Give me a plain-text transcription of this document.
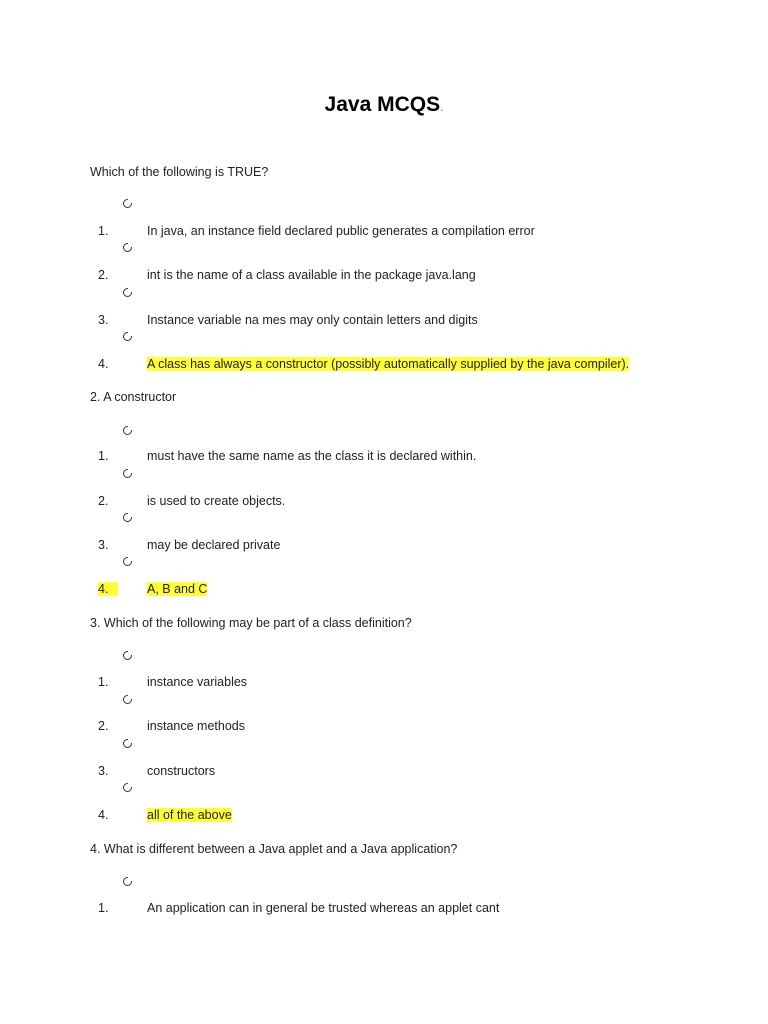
Java MCQS.
Which of the following is TRUE?
1.	In java, an instance field declared public generates a compilation error
2.	int is the name of a class available in the package java.lang
3.	Instance variable na mes may only contain letters and digits
4.	A class has always a constructor (possibly automatically supplied by the java compiler).
2. A constructor
1.	must have the same name as the class it is declared within.
2.	is used to create objects.
3.	may be declared private
4.	A, B and C
3. Which of the following may be part of a class definition?
1.	instance variables
2.	instance methods
3.	constructors
4.	all of the above
4. What is different between a Java applet and a Java application?
1.	An application can in general be trusted whereas an applet cant
